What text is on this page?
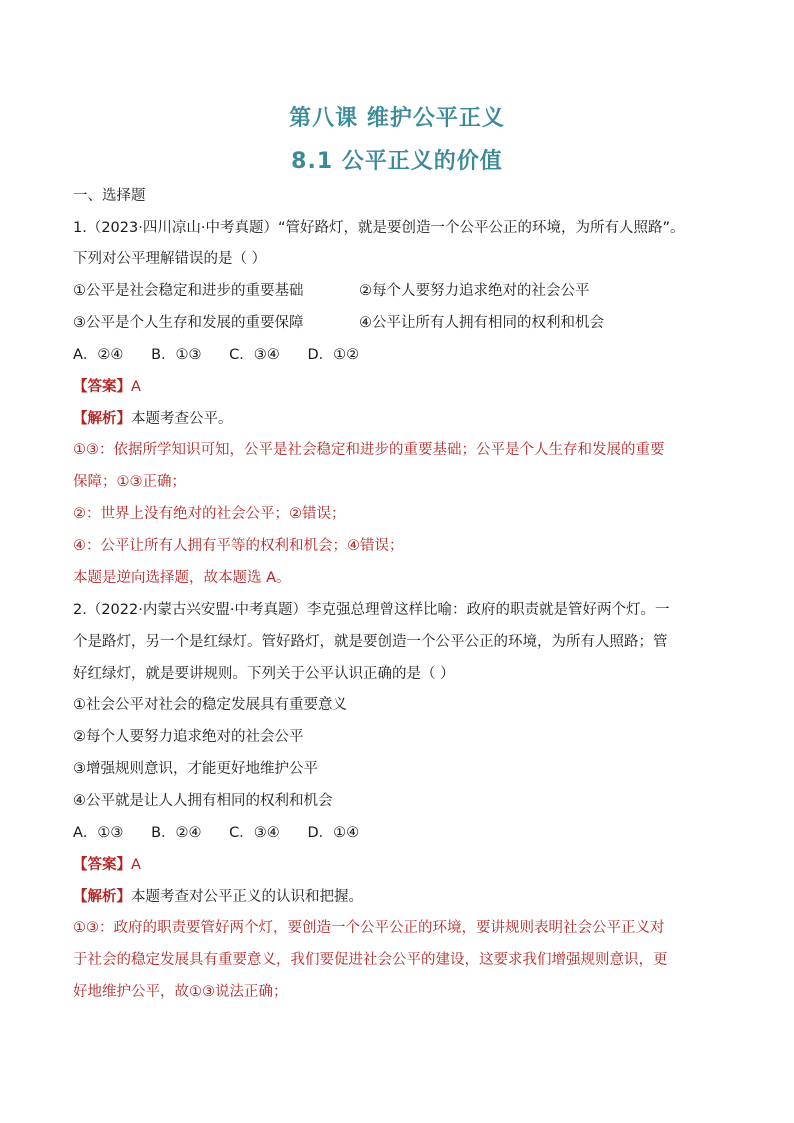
第八课 维护公平正义
8.1 公平正义的价值
一、选择题
1.（2023·四川凉山·中考真题）“管好路灯，就是要创造一个公平公正的环境，为所有人照路”。
下列对公平理解错误的是（ ）
①公平是社会稳定和进步的重要基础	②每个人要努力追求绝对的社会公平
③公平是个人生存和发展的重要保障	④公平让所有人拥有相同的权利和机会
A．②④      B．①③      C．③④      D．①②
【答案】A
【解析】本题考查公平。
①③：依据所学知识可知，公平是社会稳定和进步的重要基础；公平是个人生存和发展的重要
保障；①③正确；
②：世界上没有绝对的社会公平；②错误；
④：公平让所有人拥有平等的权利和机会；④错误；
本题是逆向选择题，故本题选 A。
2.（2022·内蒙古兴安盟·中考真题）李克强总理曾这样比喻：政府的职责就是管好两个灯。一
个是路灯，另一个是红绿灯。管好路灯，就是要创造一个公平公正的环境，为所有人照路；管
好红绿灯，就是要讲规则。下列关于公平认识正确的是（ ）
①社会公平对社会的稳定发展具有重要意义
②每个人要努力追求绝对的社会公平
③增强规则意识，才能更好地维护公平
④公平就是让人人拥有相同的权利和机会
A．①③      B．②④      C．③④      D．①④
【答案】A
【解析】本题考查对公平正义的认识和把握。
①③：政府的职责要管好两个灯，要创造一个公平公正的环境，要讲规则表明社会公平正义对
于社会的稳定发展具有重要意义，我们要促进社会公平的建设，这要求我们增强规则意识，更
好地维护公平，故①③说法正确；
